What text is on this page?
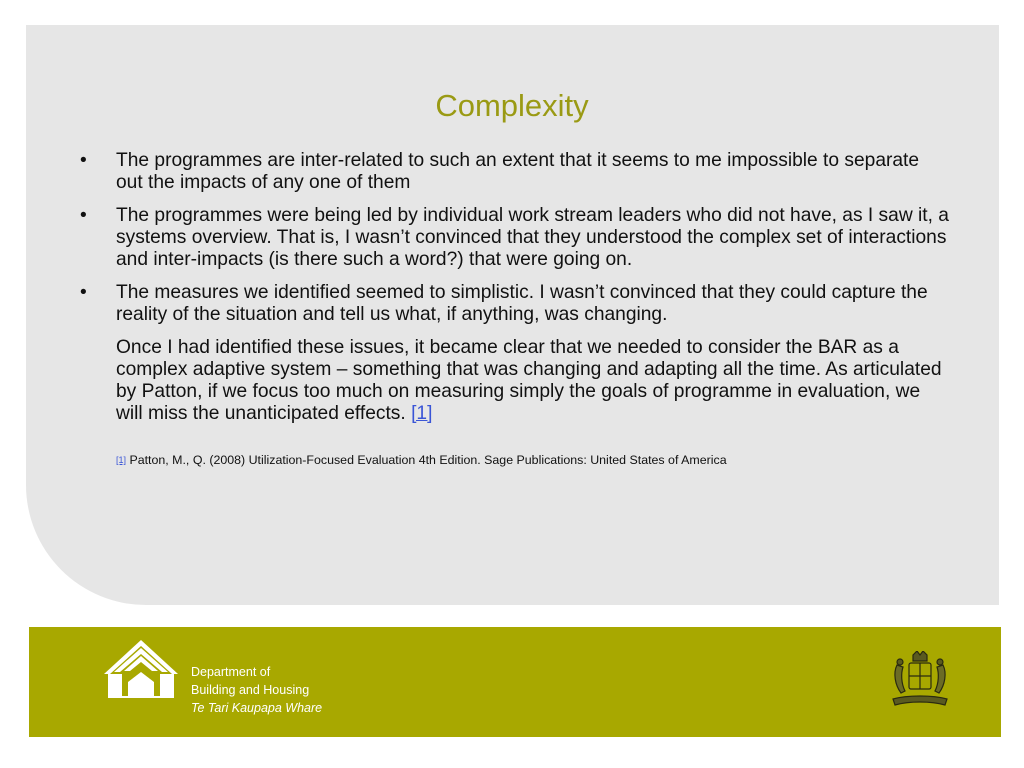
Complexity
• The programmes are inter-related to such an extent that it seems to me impossible to separate out the impacts of any one of them
• The programmes were being led by individual work stream leaders who did not have, as I saw it, a systems overview. That is, I wasn’t convinced that they understood the complex set of interactions and inter-impacts (is there such a word?) that were going on.
• The measures we identified seemed to simplistic. I wasn’t convinced that they could capture the reality of the situation and tell us what, if anything, was changing.

Once I had identified these issues, it became clear that we needed to consider the BAR as a complex adaptive system – something that was changing and adapting all the time. As articulated by Patton, if we focus too much on measuring simply the goals of programme in evaluation, we will miss the unanticipated effects. [1]

[1] Patton, M., Q. (2008) Utilization-Focused Evaluation 4th Edition. Sage Publications: United States of America
Department of
Building and Housing
Te Tari Kaupapa Whare
